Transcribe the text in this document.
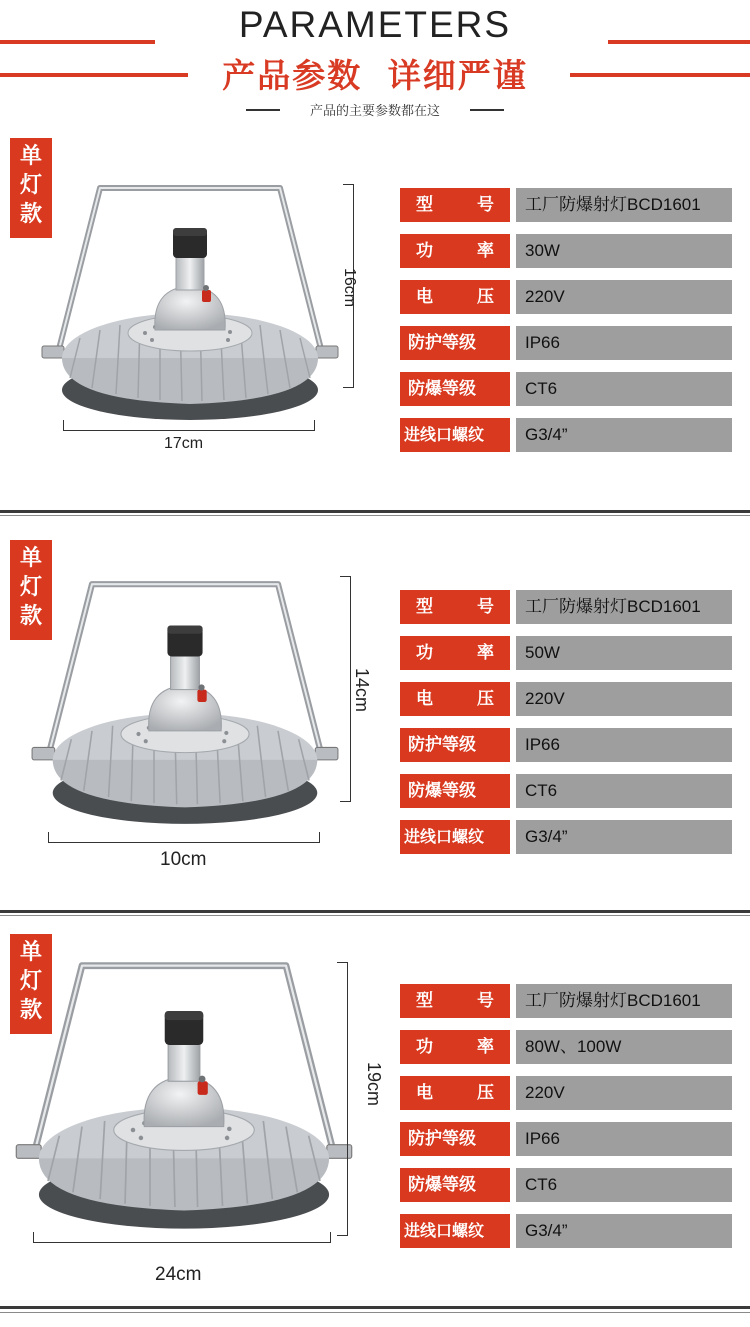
PARAMETERS
产品参数 详细严谨
产品的主要参数都在这
单
灯
款
16cm
17cm
型	号	工厂防爆射灯BCD1601
功	率	30W
电	压	220V
防护等级	IP66
防爆等级	CT6
进线口螺纹	G3/4”
单
灯
款
14cm
10cm
型	号	工厂防爆射灯BCD1601
功	率	50W
电	压	220V
防护等级	IP66
防爆等级	CT6
进线口螺纹	G3/4”
单
灯
款
19cm
24cm
型	号	工厂防爆射灯BCD1601
功	率	80W、100W
电	压	220V
防护等级	IP66
防爆等级	CT6
进线口螺纹	G3/4”
